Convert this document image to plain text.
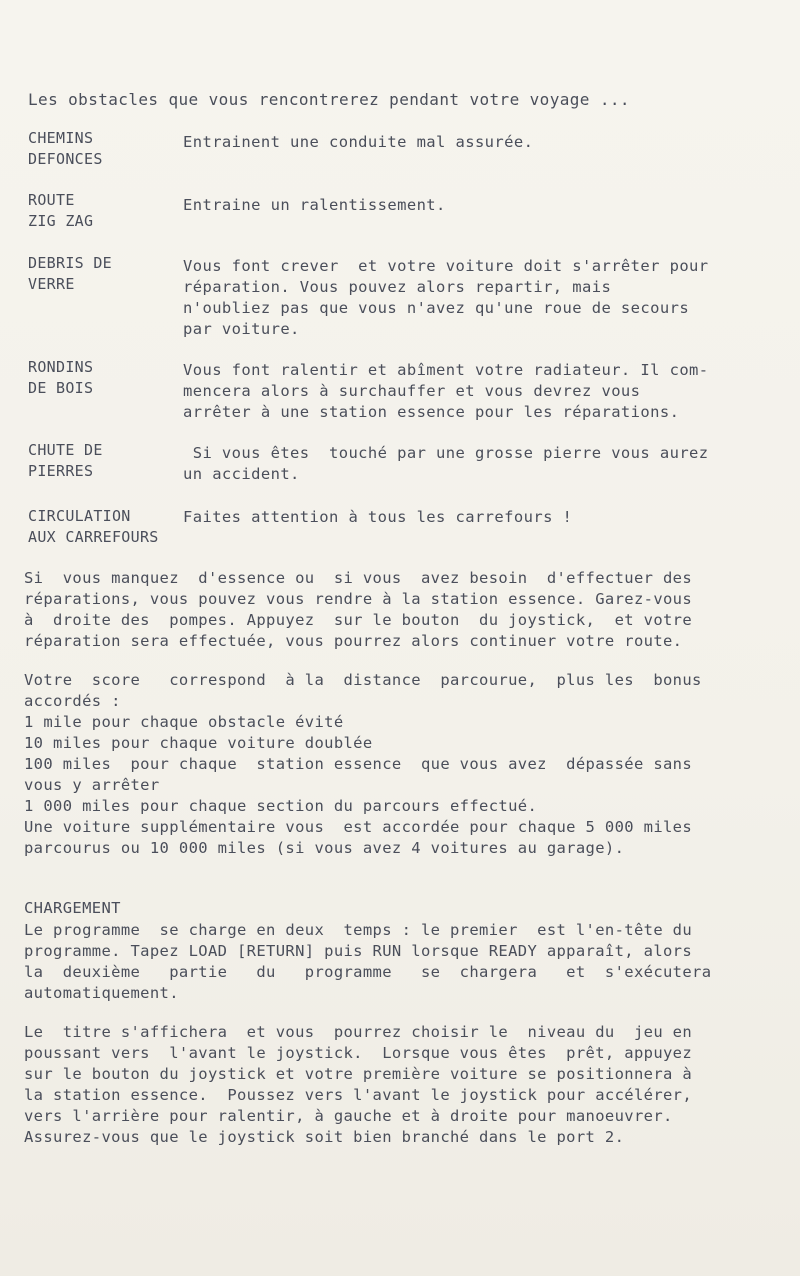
Les obstacles que vous rencontrerez pendant votre voyage ...
CHEMINS
DEFONCES
Entrainent une conduite mal assurée.
ROUTE
ZIG ZAG
Entraine un ralentissement.
DEBRIS DE
VERRE
Vous font crever  et votre voiture doit s'arrêter pour
réparation. Vous pouvez alors repartir, mais
n'oubliez pas que vous n'avez qu'une roue de secours
par voiture.
RONDINS
DE BOIS
Vous font ralentir et abîment votre radiateur. Il com-
mencera alors à surchauffer et vous devrez vous
arrêter à une station essence pour les réparations.
CHUTE DE
PIERRES
Si vous êtes  touché par une grosse pierre vous aurez
un accident.
CIRCULATION
AUX CARREFOURS
Faites attention à tous les carrefours !
Si  vous manquez  d'essence ou  si vous  avez besoin  d'effectuer des
réparations, vous pouvez vous rendre à la station essence. Garez-vous
à  droite des  pompes. Appuyez  sur le bouton  du joystick,  et votre
réparation sera effectuée, vous pourrez alors continuer votre route.
Votre  score   correspond  à la  distance  parcourue,  plus les  bonus
accordés :
1 mile pour chaque obstacle évité
10 miles pour chaque voiture doublée
100 miles  pour chaque  station essence  que vous avez  dépassée sans
vous y arrêter
1 000 miles pour chaque section du parcours effectué.
Une voiture supplémentaire vous  est accordée pour chaque 5 000 miles
parcourus ou 10 000 miles (si vous avez 4 voitures au garage).
CHARGEMENT
Le programme  se charge en deux  temps : le premier  est l'en-tête du
programme. Tapez LOAD [RETURN] puis RUN lorsque READY apparaît, alors
la  deuxième   partie   du   programme   se  chargera   et  s'exécutera
automatiquement.
Le  titre s'affichera  et vous  pourrez choisir le  niveau du  jeu en
poussant vers  l'avant le joystick.  Lorsque vous êtes  prêt, appuyez
sur le bouton du joystick et votre première voiture se positionnera à
la station essence.  Poussez vers l'avant le joystick pour accélérer,
vers l'arrière pour ralentir, à gauche et à droite pour manoeuvrer.
Assurez-vous que le joystick soit bien branché dans le port 2.
